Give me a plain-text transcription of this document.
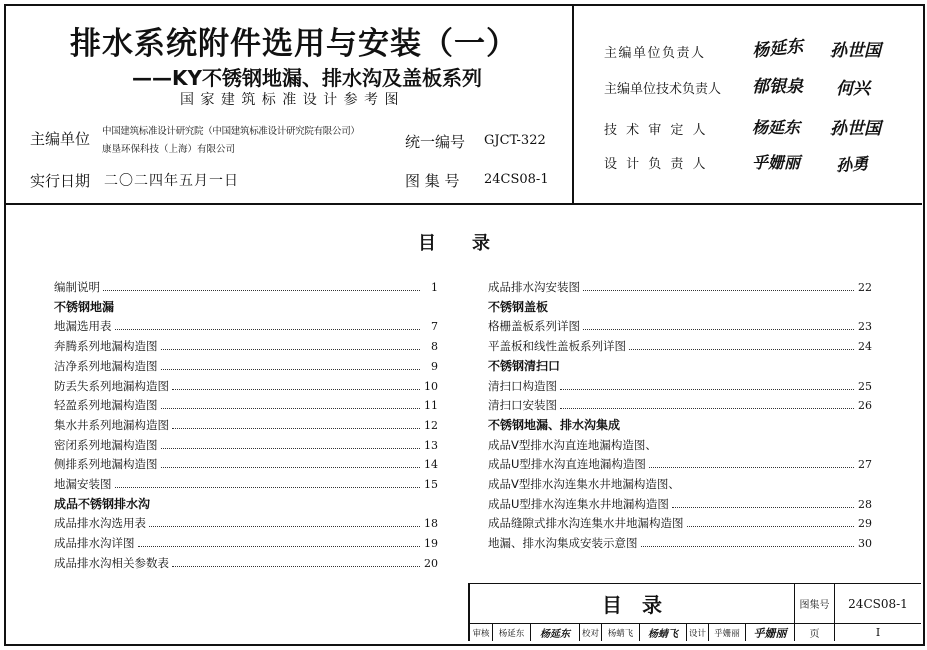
排水系统附件选用与安装（一）
——KY不锈钢地漏、排水沟及盖板系列
国 家 建 筑 标 准 设 计 参 考 图
主编单位 中国建筑标准设计研究院（中国建筑标准设计研究院有限公司）
康垦环保科技（上海）有限公司	统一编号 GJCT-322
实行日期 二〇二四年五月一日	图 集 号 24CS08-1
主编单位负责人	杨延东 孙世国
主编单位技术负责人 郁银泉 何兴
技 术 审 定 人	杨延东 孙世国
设 计 负 责 人	乎姗丽 孙勇
目　　录
编制说明	1
不锈钢地漏
地漏选用表	7
奔腾系列地漏构造图	8
洁净系列地漏构造图	9
防丢失系列地漏构造图	10
轻盈系列地漏构造图	11
集水井系列地漏构造图	12
密闭系列地漏构造图	13
侧排系列地漏构造图	14
地漏安装图	15
成品不锈钢排水沟
成品排水沟选用表	18
成品排水沟详图	19
成品排水沟相关参数表	20
成品排水沟安装图	22
不锈钢盖板
格栅盖板系列详图	23
平盖板和线性盖板系列详图	24
不锈钢清扫口
清扫口构造图	25
清扫口安装图	26
不锈钢地漏、排水沟集成
成品V型排水沟直连地漏构造图、
成品U型排水沟直连地漏构造图	27
成品V型排水沟连集水井地漏构造图、
成品U型排水沟连集水井地漏构造图	28
成品缝隙式排水沟连集水井地漏构造图	29
地漏、排水沟集成安装示意图	30
目　录	图集号	24CS08-1
审核	杨延东	杨延东	校对	杨蜻飞	杨蜻飞	设计 乎姗丽	乎姗丽	页	I
